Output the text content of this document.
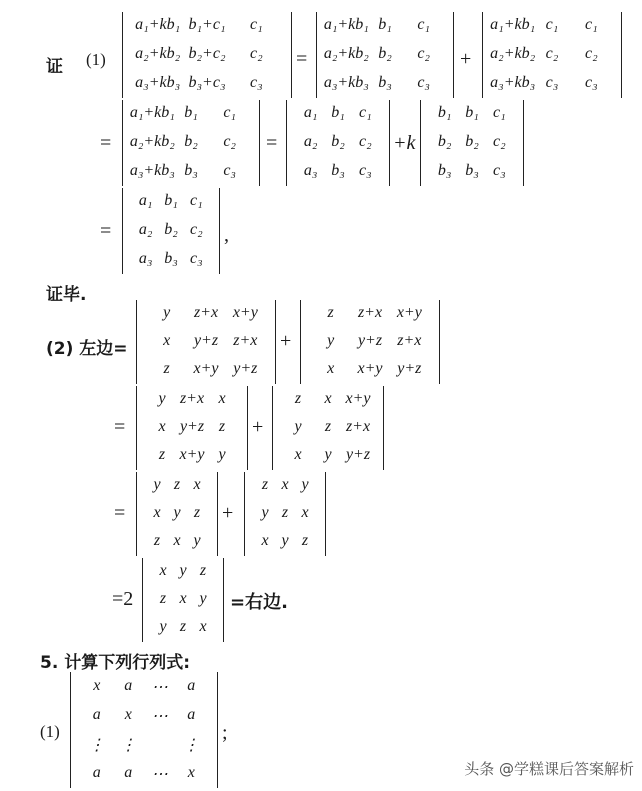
证 (1)
a₁+kb₁ b₁+c₁ c₁
a₂+kb₂ b₂+c₂ c₂
a₃+kb₃ b₃+c₃ c₃
=
a₁+kb₁ b₁ c₁
a₂+kb₂ b₂ c₂
a₃+kb₃ b₃ c₃
+
a₁+kb₁ c₁ c₁
a₂+kb₂ c₂ c₂
a₃+kb₃ c₃ c₃
=
a₁+kb₁ b₁ c₁
a₂+kb₂ b₂ c₂
a₃+kb₃ b₃ c₃
=
a₁ b₁ c₁
a₂ b₂ c₂
a₃ b₃ c₃
+k
b₁ b₁ c₁
b₂ b₂ c₂
b₃ b₃ c₃
=
a₁ b₁ c₁
a₂ b₂ c₂
a₃ b₃ c₃
,
证毕.
(2) 左边=
y z+x x+y
x y+z z+x
z x+y y+z
+
z z+x x+y
y y+z z+x
x x+y y+z
=
y z+x x
x y+z z
z x+y y
+
z x x+y
y z z+x
x y y+z
=
y z x
x y z
z x y
+
z x y
y z x
x y z
=2
x y z
z x y
y z x
=右边.
5. 计算下列行列式:
(1)
x a ⋯ a
a x ⋯ a
⋮ ⋮	⋮
a a ⋯ x
;
头条 @学糕课后答案解析
